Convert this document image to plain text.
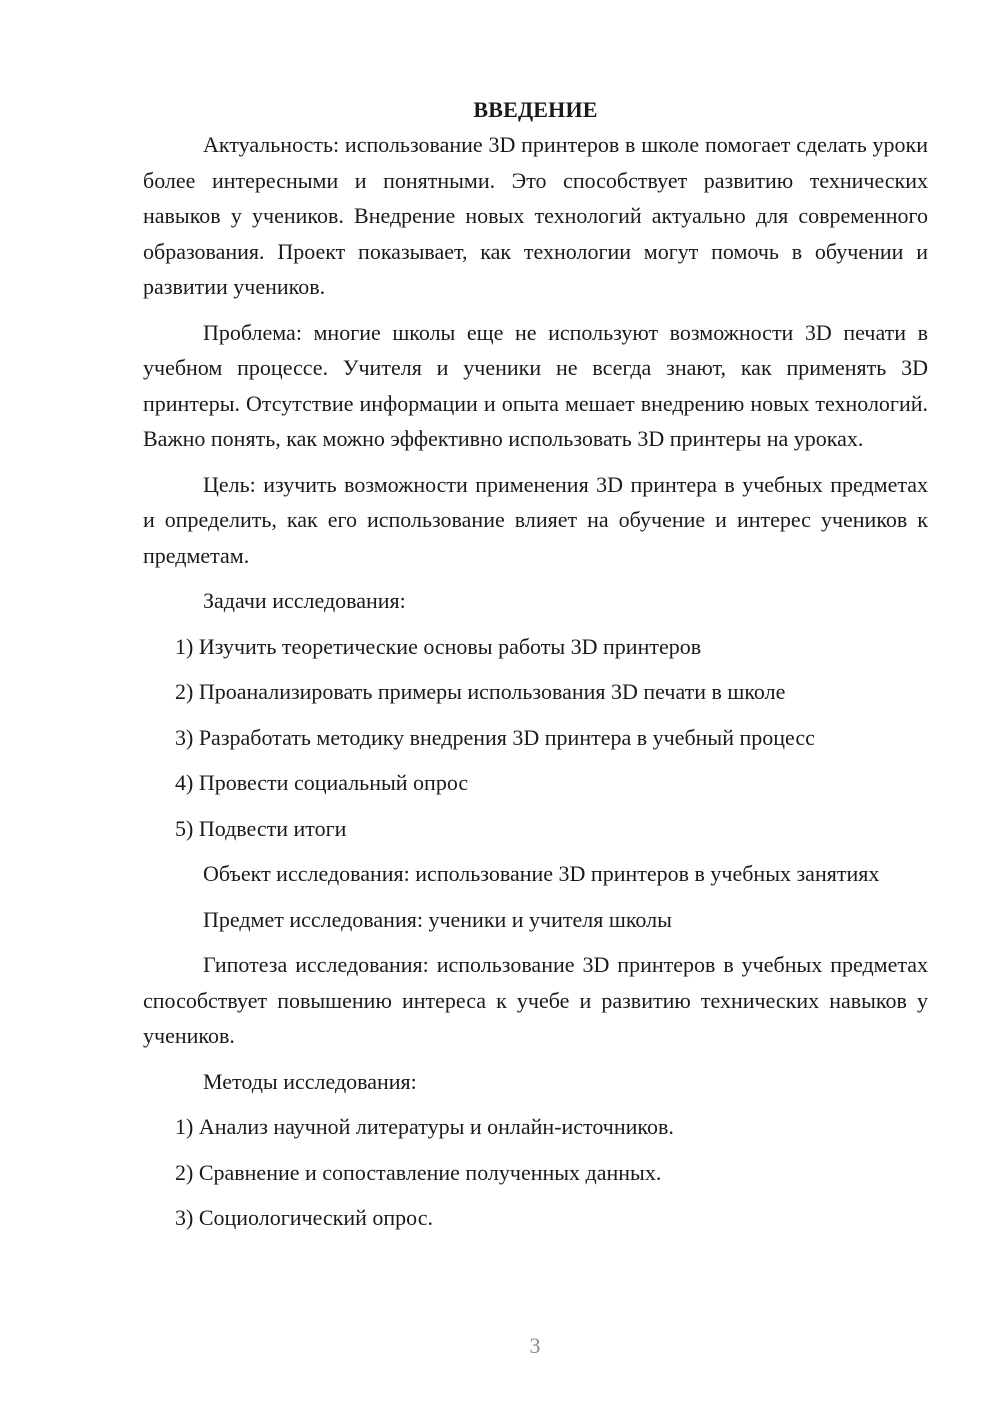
ВВЕДЕНИЕ

Актуальность: использование 3D принтеров в школе помогает сделать уроки более интересными и понятными. Это способствует развитию технических навыков у учеников. Внедрение новых технологий актуально для современного образования. Проект показывает, как технологии могут помочь в обучении и развитии учеников.

Проблема: многие школы еще не используют возможности 3D печати в учебном процессе. Учителя и ученики не всегда знают, как применять 3D принтеры. Отсутствие информации и опыта мешает внедрению новых технологий. Важно понять, как можно эффективно использовать 3D принтеры на уроках.

Цель: изучить возможности применения 3D принтера в учебных предметах и определить, как его использование влияет на обучение и интерес учеников к предметам.

Задачи исследования:

1) Изучить теоретические основы работы 3D принтеров

2) Проанализировать примеры использования 3D печати в школе

3) Разработать методику внедрения 3D принтера в учебный процесс

4) Провести социальный опрос

5) Подвести итоги

Объект исследования: использование 3D принтеров в учебных занятиях

Предмет исследования: ученики и учителя школы

Гипотеза исследования: использование 3D принтеров в учебных предметах способствует повышению интереса к учебе и развитию технических навыков у учеников.

Методы исследования:

1) Анализ научной литературы и онлайн-источников.

2) Сравнение и сопоставление полученных данных.

3) Социологический опрос.

3
